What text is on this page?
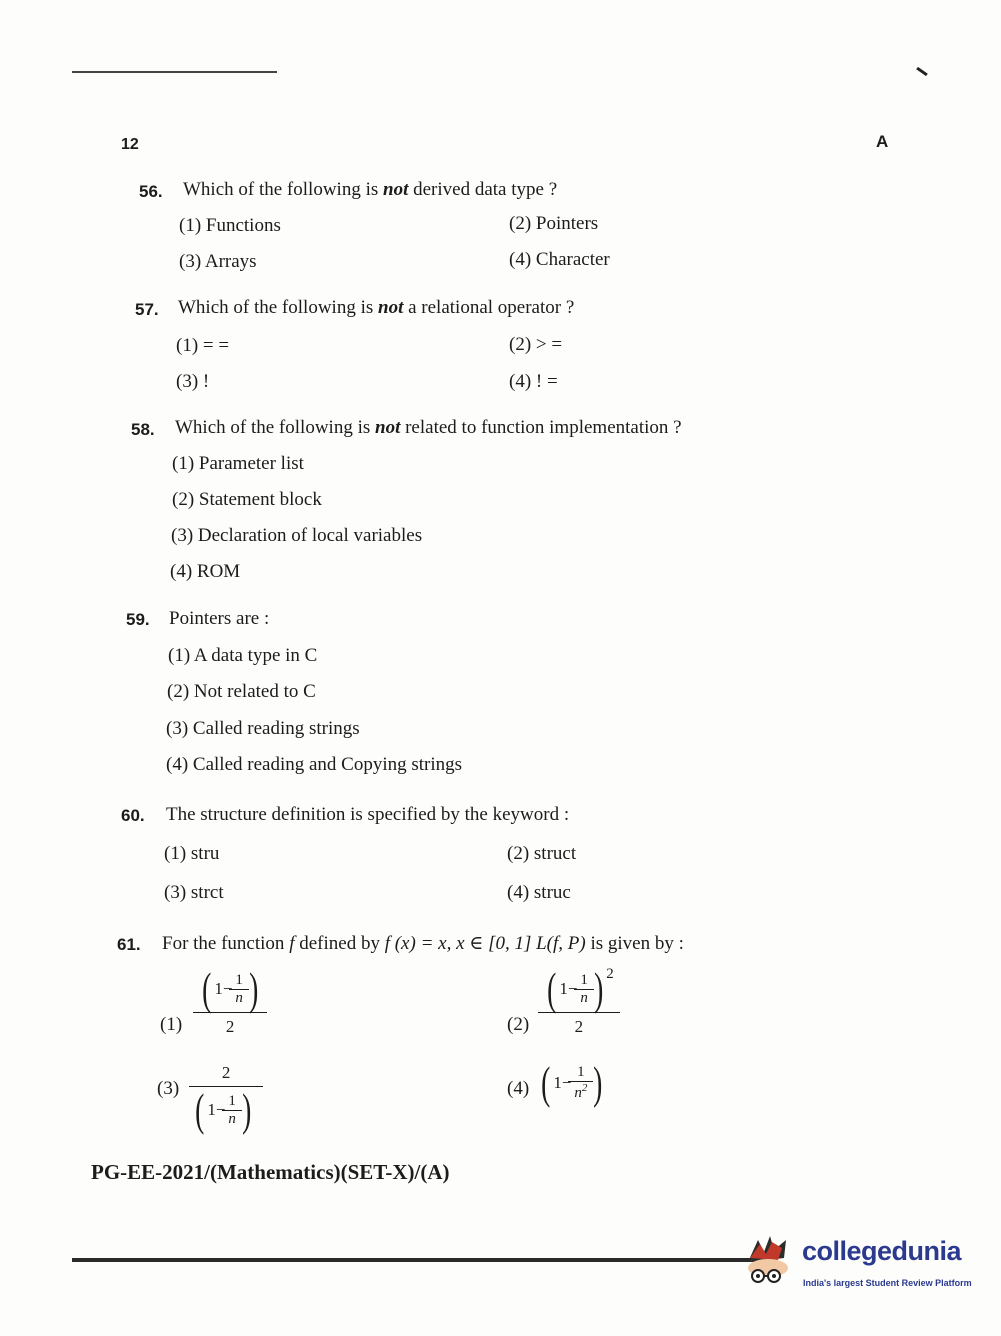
12	A
56. Which of the following is not derived data type ?
(1) Functions	(2) Pointers
(3) Arrays	(4) Character
57. Which of the following is not a relational operator ?
(1) = =	(2) > =
(3) !	(4) ! =
58. Which of the following is not related to function implementation ?
(1) Parameter list
(2) Statement block
(3) Declaration of local variables
(4) ROM
59. Pointers are :
(1) A data type in C
(2) Not related to C
(3) Called reading strings
(4) Called reading and Copying strings
60. The structure definition is specified by the keyword :
(1) stru	(2) struct
(3) strct	(4) struc
61. For the function f defined by f (x) = x, x ∈ [0, 1] L(f, P) is given by :
$(1) \frac{( 1 - \frac{1}{n} )}{2}$	$(2) \frac{( 1 - \frac{1}{n} ) 2}{2}$
$(3) \frac{2}{( 1 - \frac{1}{n} )}$	(4) ( $1 - \frac{1}{n^2}$ )
PG-EE-2021/(Mathematics)(SET-X)/(A)
collegedunia
India's largest Student Review Platform
